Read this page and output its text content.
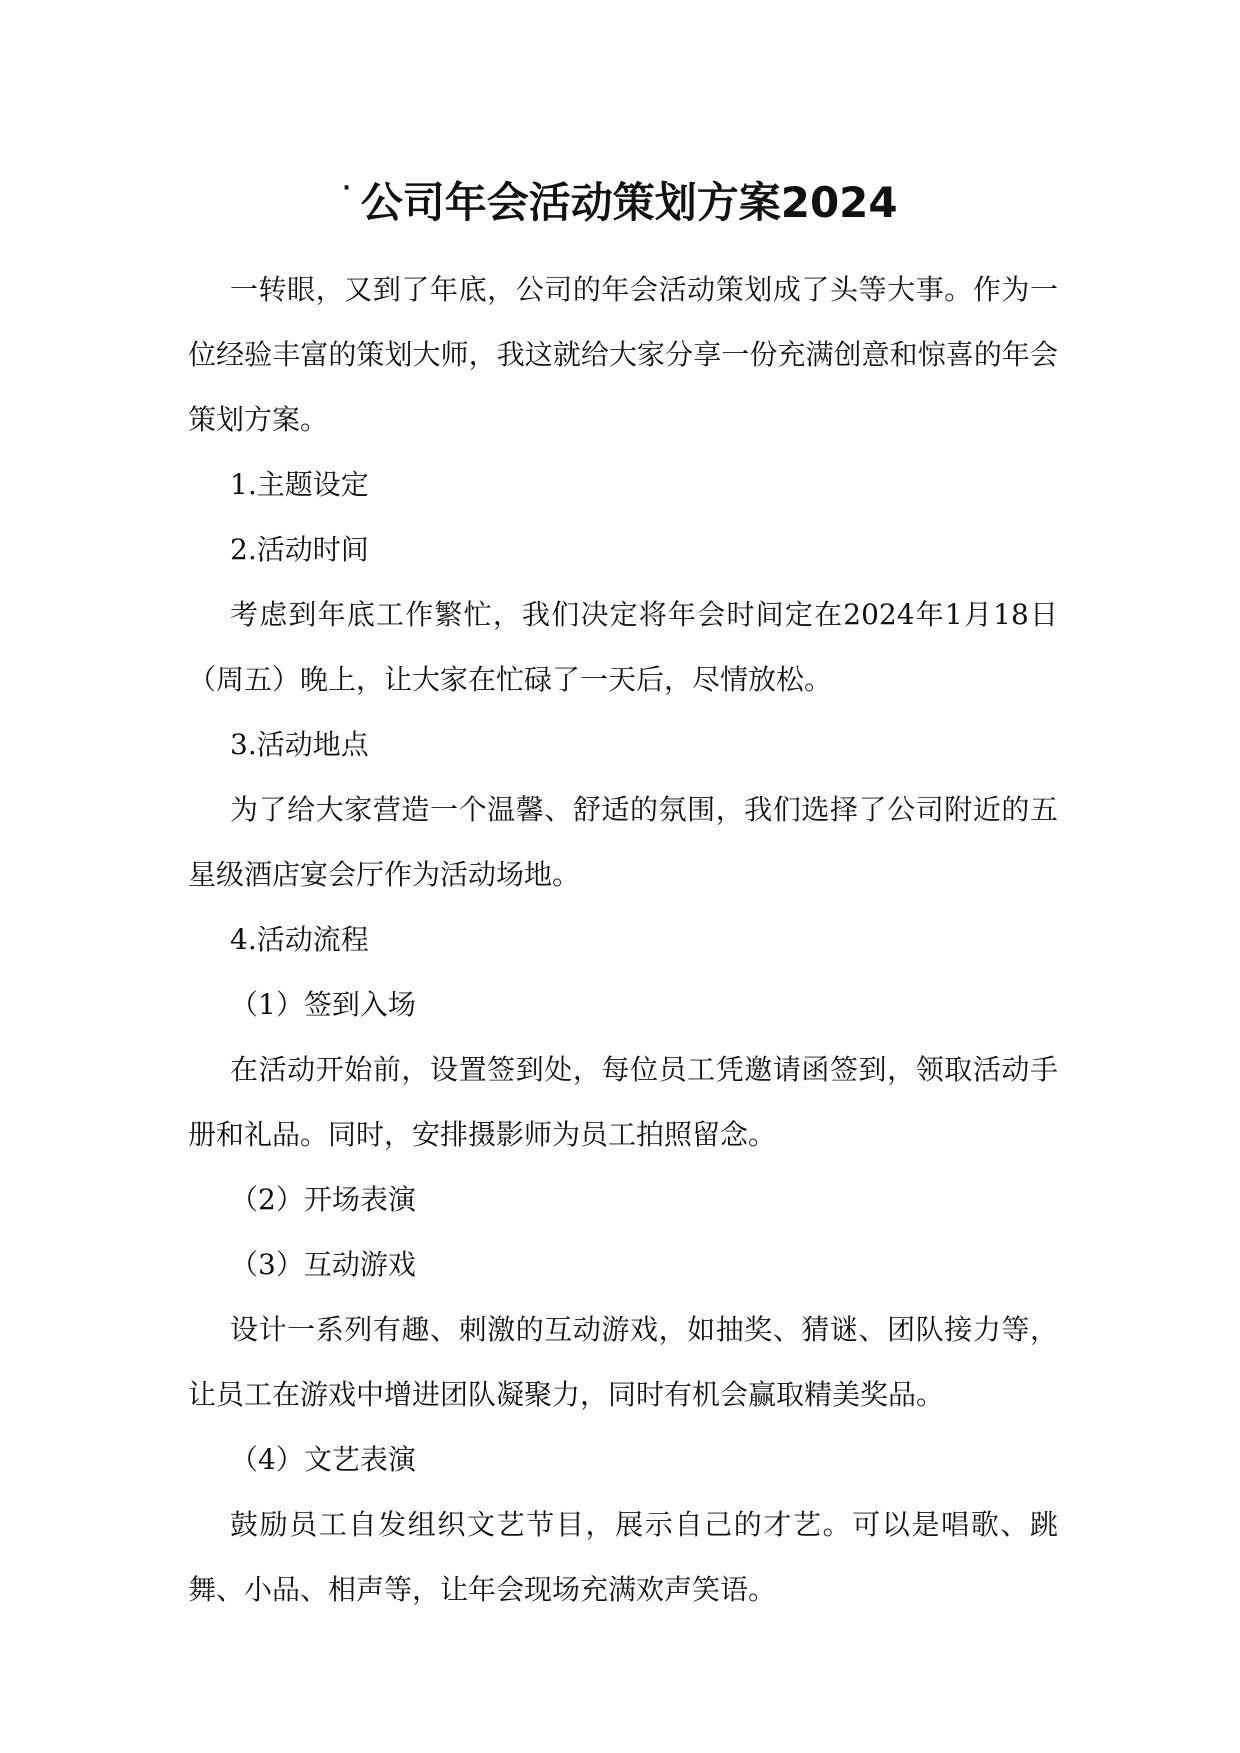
· 公司年会活动策划方案2024

一转眼，又到了年底，公司的年会活动策划成了头等大事。作为一位经验丰富的策划大师，我这就给大家分享一份充满创意和惊喜的年会策划方案。

1.主题设定

2.活动时间

考虑到年底工作繁忙，我们决定将年会时间定在2024年1月18日（周五）晚上，让大家在忙碌了一天后，尽情放松。

3.活动地点

为了给大家营造一个温馨、舒适的氛围，我们选择了公司附近的五星级酒店宴会厅作为活动场地。

4.活动流程

（1）签到入场

在活动开始前，设置签到处，每位员工凭邀请函签到，领取活动手册和礼品。同时，安排摄影师为员工拍照留念。

（2）开场表演

（3）互动游戏

设计一系列有趣、刺激的互动游戏，如抽奖、猜谜、团队接力等，让员工在游戏中增进团队凝聚力，同时有机会赢取精美奖品。

（4）文艺表演

鼓励员工自发组织文艺节目，展示自己的才艺。可以是唱歌、跳舞、小品、相声等，让年会现场充满欢声笑语。
